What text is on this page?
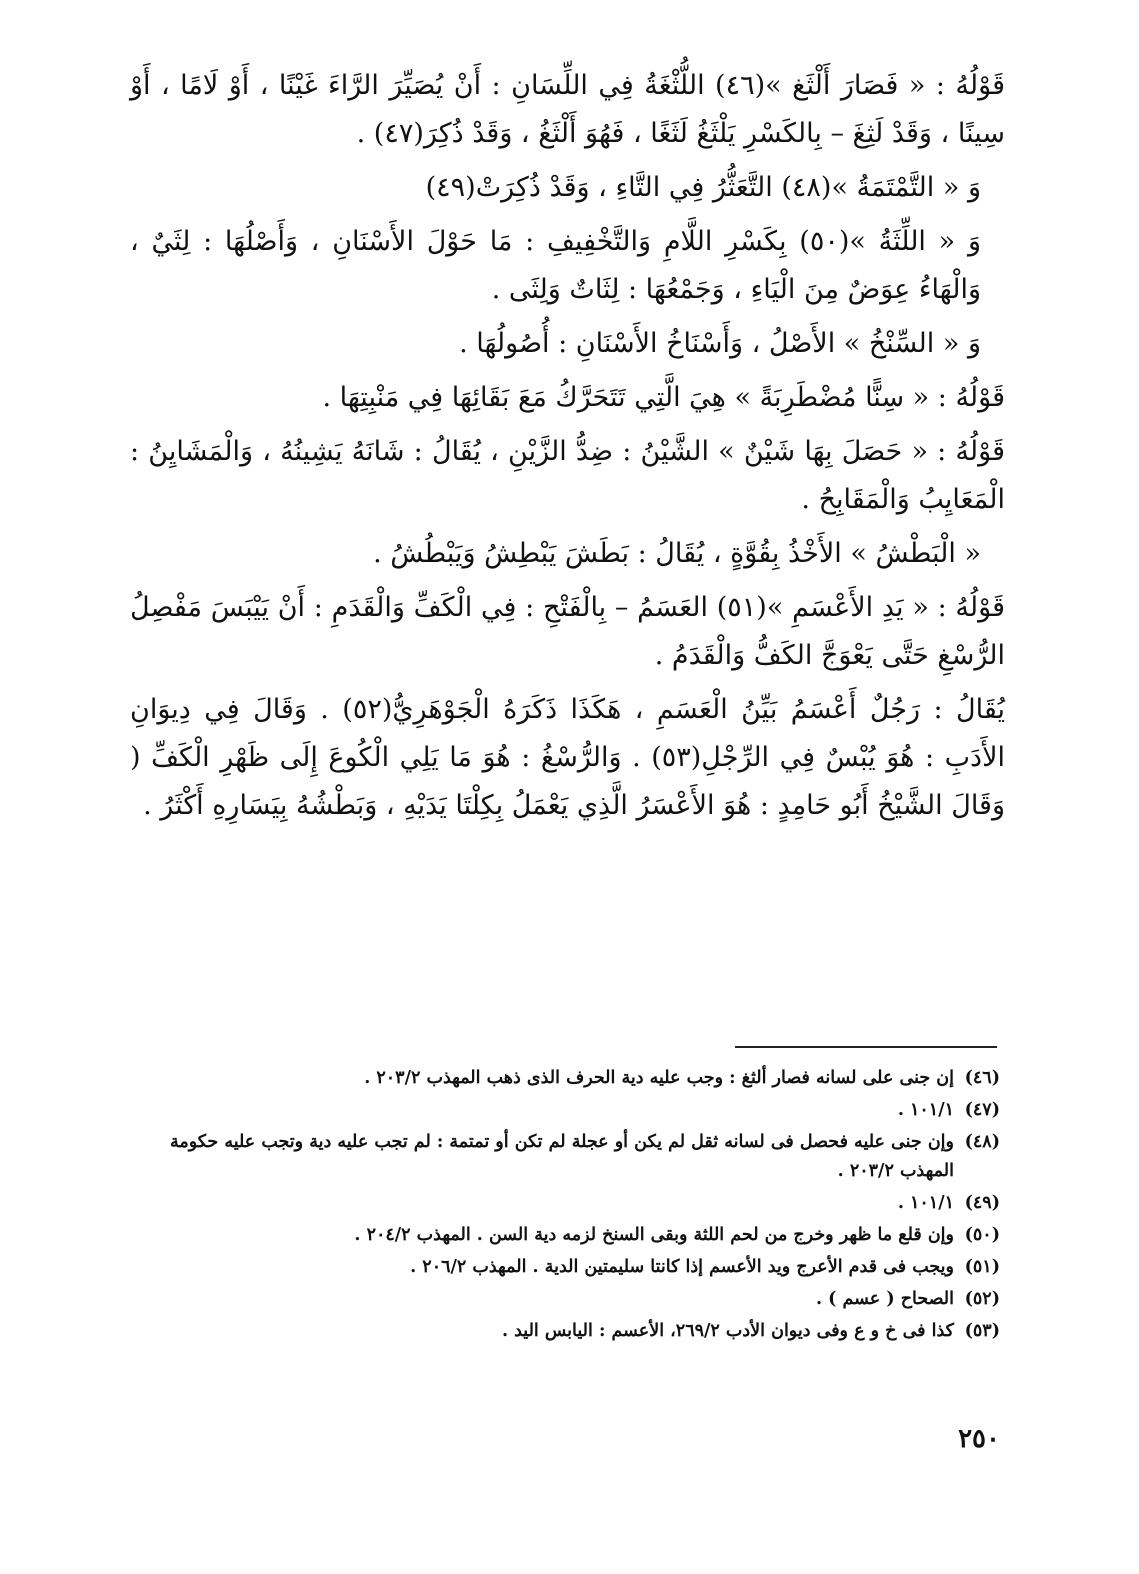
قَوْلُهُ : « فَصَارَ أَلْثَغ »(٤٦) اللُّثْغَةُ فِي اللِّسَانِ : أَنْ يُصَيِّرَ الرَّاءَ غَيْنًا ، أَوْ لَامًا ، أَوْ سِينًا ، وَقَدْ لَثِغَ – بِالكَسْرِ يَلْثَغُ لَثَغًا ، فَهُوَ أَلْثَغُ ، وَقَدْ ذُكِرَ(٤٧) .

وَ « التَّمْتَمَةُ »(٤٨) التَّعَثُّرُ فِي التَّاءِ ، وَقَدْ ذُكِرَتْ(٤٩)

وَ « اللِّثَةُ »(٥٠) بِكَسْرِ اللَّامِ وَالتَّخْفِيفِ : مَا حَوْلَ الأَسْنَانِ ، وَأَصْلُهَا : لِثَيٌ ، وَالْهَاءُ عِوَضٌ مِنَ الْيَاءِ ، وَجَمْعُهَا : لِثَاتٌ وَلِثَى .

وَ « السِّنْخُ » الأَصْلُ ، وَأَسْنَاخُ الأَسْنَانِ : أُصُولُهَا .

قَوْلُهُ : « سِنًّا مُضْطَرِبَةً » هِيَ الَّتِي تَتَحَرَّكُ مَعَ بَقَائِهَا فِي مَنْبِتِهَا .

قَوْلُهُ : « حَصَلَ بِهَا شَيْنٌ » الشَّيْنُ : ضِدُّ الزَّيْنِ ، يُقَالُ : شَانَهُ يَشِينُهُ ، وَالْمَشَايِنُ : الْمَعَايِبُ وَالْمَقَابِحُ .

« الْبَطْشُ » الأَخْذُ بِقُوَّةٍ ، يُقَالُ : بَطَشَ يَبْطِشُ وَيَبْطُشُ .

قَوْلُهُ : « يَدِ الأَعْسَمِ »(٥١) العَسَمُ – بِالْفَتْحِ : فِي الْكَفِّ وَالْقَدَمِ : أَنْ يَيْبَسَ مَفْصِلُ الرُّسْغِ حَتَّى يَعْوَجَّ الكَفُّ وَالْقَدَمُ .

يُقَالُ : رَجُلٌ أَعْسَمُ بَيِّنُ الْعَسَمِ ، هَكَذَا ذَكَرَهُ الْجَوْهَرِيُّ(٥٢) . وَقَالَ فِي دِيوَانِ الأَدَبِ : هُوَ يُبْسٌ فِي الرِّجْلِ(٥٣) . وَالرُّسْغُ : هُوَ مَا يَلِي الْكُوعَ إِلَى ظَهْرِ الْكَفِّ ( وَقَالَ الشَّيْخُ أَبُو حَامِدٍ : هُوَ الأَعْسَرُ الَّذِي يَعْمَلُ بِكِلْتَا يَدَيْهِ ، وَبَطْشُهُ بِيَسَارِهِ أَكْثَرُ .

(٤٦)
إن جنى على لسانه فصار ألثغ : وجب عليه دية الحرف الذى ذهب المهذب ٢٠٣/٢ .
(٤٧)
١٠١/١ .
(٤٨)
وإن جنى عليه فحصل فى لسانه ثقل لم يكن أو عجلة لم تكن أو تمتمة : لم تجب عليه دية وتجب عليه حكومة المهذب ٢٠٣/٢ .
(٤٩)
١٠١/١ .
(٥٠)
وإن قلع ما ظهر وخرج من لحم اللثة وبقى السنخ لزمه دية السن . المهذب ٢٠٤/٢ .
(٥١)
ويجب فى قدم الأعرج ويد الأعسم إذا كانتا سليمتين الدية . المهذب ٢٠٦/٢ .
(٥٢)
الصحاح ( عسم ) .
(٥٣)
كذا فى خ و ع وفى ديوان الأدب ٢٦٩/٢، الأعسم : اليابس اليد .
٢٥٠
